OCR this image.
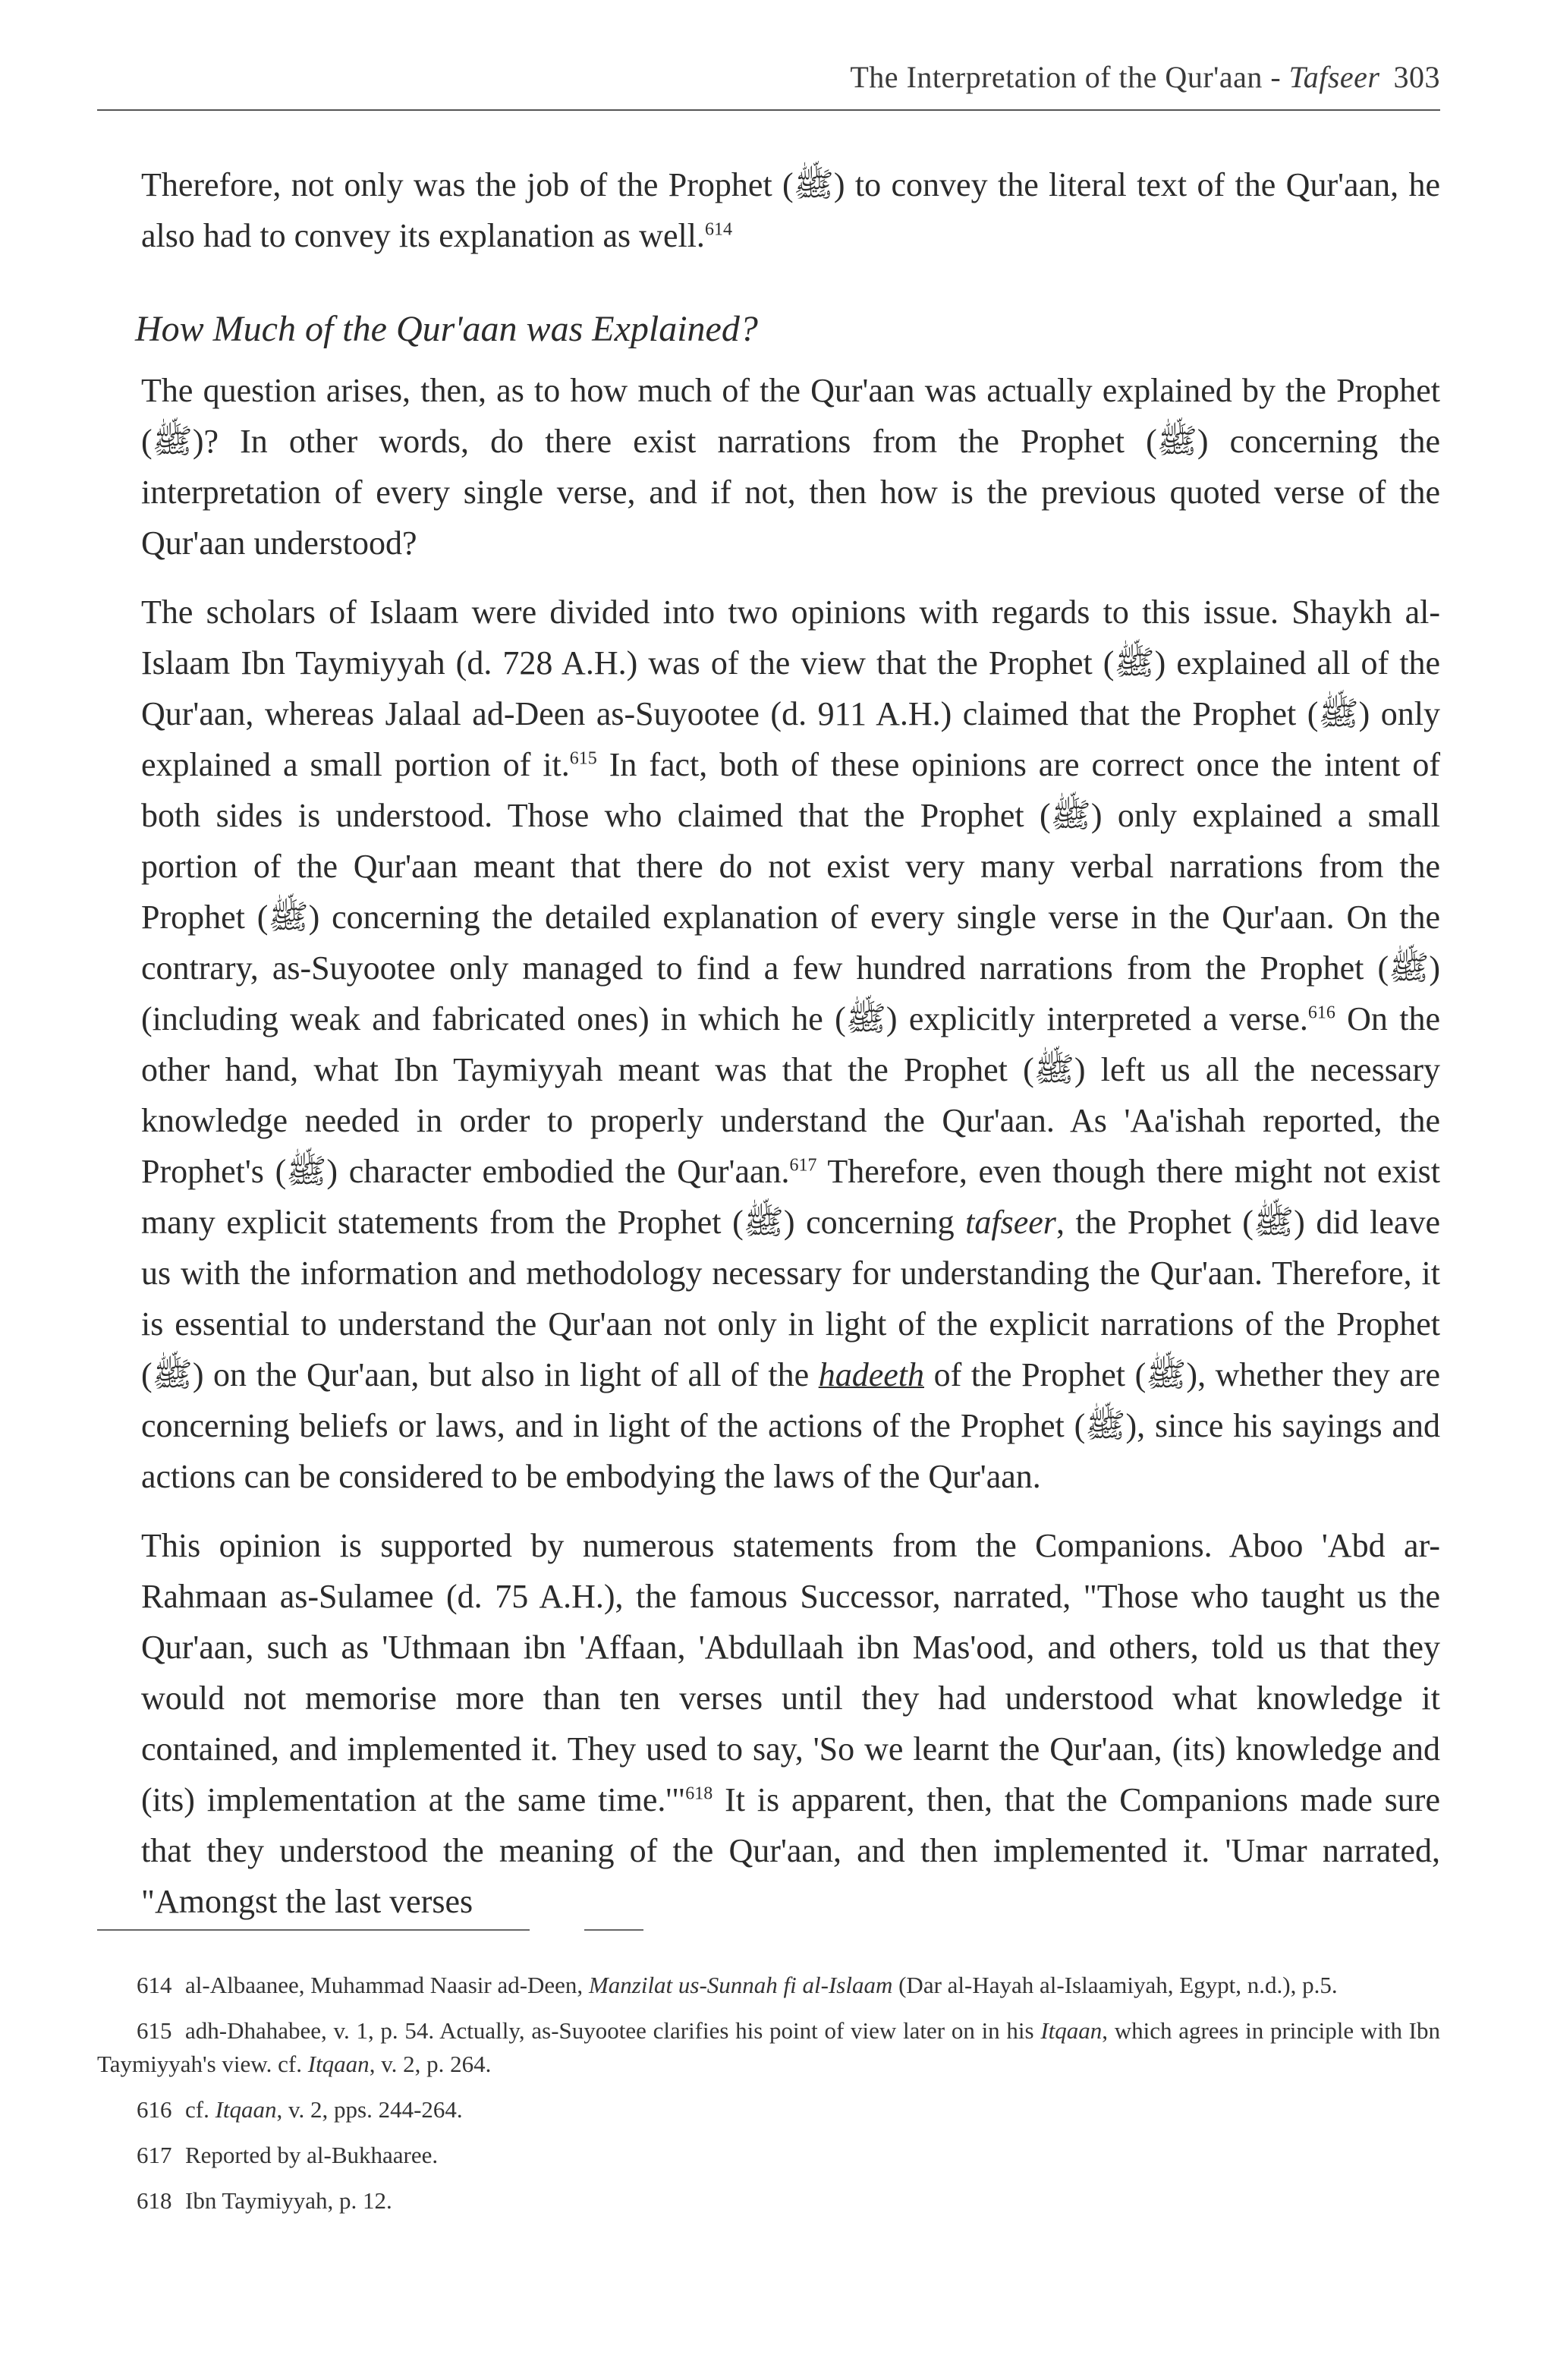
The Interpretation of the Qur'aan - Tafseer 303

Therefore, not only was the job of the Prophet (ﷺ) to convey the literal text of the Qur'aan, he also had to convey its explanation as well.$^{614}$

How Much of the Qur'aan was Explained?

The question arises, then, as to how much of the Qur'aan was actually explained by the Prophet (ﷺ)? In other words, do there exist narrations from the Prophet (ﷺ) concerning the interpretation of every single verse, and if not, then how is the previous quoted verse of the Qur'aan understood?

The scholars of Islaam were divided into two opinions with regards to this issue. Shaykh al-Islaam Ibn Taymiyyah (d. 728 A.H.) was of the view that the Prophet (ﷺ) explained all of the Qur'aan, whereas Jalaal ad-Deen as-Suyootee (d. 911 A.H.) claimed that the Prophet (ﷺ) only explained a small portion of it.$^{615}$ In fact, both of these opinions are correct once the intent of both sides is understood. Those who claimed that the Prophet (ﷺ) only explained a small portion of the Qur'aan meant that there do not exist very many verbal narrations from the Prophet (ﷺ) concerning the detailed explanation of every single verse in the Qur'aan. On the contrary, as-Suyootee only managed to find a few hundred narrations from the Prophet (ﷺ) (including weak and fabricated ones) in which he (ﷺ) explicitly interpreted a verse.$^{616}$ On the other hand, what Ibn Taymiyyah meant was that the Prophet (ﷺ) left us all the necessary knowledge needed in order to properly understand the Qur'aan. As 'Aa'ishah reported, the Prophet's (ﷺ) character embodied the Qur'aan.$^{617}$ Therefore, even though there might not exist many explicit statements from the Prophet (ﷺ) concerning tafseer, the Prophet (ﷺ) did leave us with the information and methodology necessary for understanding the Qur'aan. Therefore, it is essential to understand the Qur'aan not only in light of the explicit narrations of the Prophet (ﷺ) on the Qur'aan, but also in light of all of the hadeeth of the Prophet (ﷺ), whether they are concerning beliefs or laws, and in light of the actions of the Prophet (ﷺ), since his sayings and actions can be considered to be embodying the laws of the Qur'aan.

This opinion is supported by numerous statements from the Companions. Aboo 'Abd ar-Rahmaan as-Sulamee (d. 75 A.H.), the famous Successor, narrated, "Those who taught us the Qur'aan, such as 'Uthmaan ibn 'Affaan, 'Abdullaah ibn Mas'ood, and others, told us that they would not memorise more than ten verses until they had understood what knowledge it contained, and implemented it. They used to say, 'So we learnt the Qur'aan, (its) knowledge and (its) implementation at the same time.'"$^{618}$ It is apparent, then, that the Companions made sure that they understood the meaning of the Qur'aan, and then implemented it. 'Umar narrated, "Amongst the last verses

614 al-Albaanee, Muhammad Naasir ad-Deen, Manzilat us-Sunnah fi al-Islaam (Dar al-Hayah al-Islaamiyah, Egypt, n.d.), p.5.

615 adh-Dhahabee, v. 1, p. 54. Actually, as-Suyootee clarifies his point of view later on in his Itqaan, which agrees in principle with Ibn Taymiyyah's view. cf. Itqaan, v. 2, p. 264.

616 cf. Itqaan, v. 2, pps. 244-264.

617 Reported by al-Bukhaaree.

618 Ibn Taymiyyah, p. 12.
